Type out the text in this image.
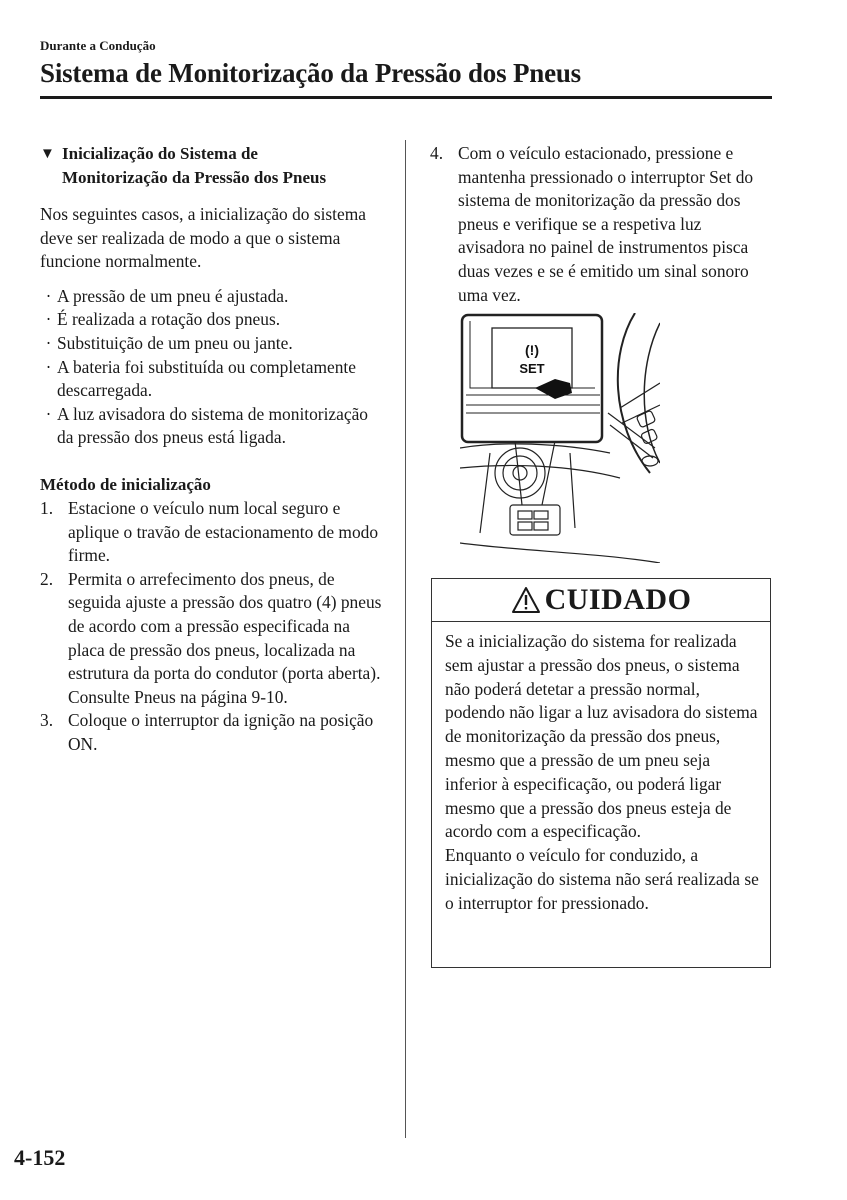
Durante a Condução
Sistema de Monitorização da Pressão dos Pneus
▼ Inicialização do Sistema de
Monitorização da Pressão dos Pneus
Nos seguintes casos, a inicialização do sistema deve ser realizada de modo a que o sistema funcione normalmente.
· A pressão de um pneu é ajustada.
· É realizada a rotação dos pneus.
· Substituição de um pneu ou jante.
· A bateria foi substituída ou completamente descarregada.
· A luz avisadora do sistema de monitorização da pressão dos pneus está ligada.
Método de inicialização
1. Estacione o veículo num local seguro e aplique o travão de estacionamento de modo firme.
2. Permita o arrefecimento dos pneus, de seguida ajuste a pressão dos quatro (4) pneus de acordo com a pressão especificada na placa de pressão dos pneus, localizada na estrutura da porta do condutor (porta aberta).
Consulte Pneus na página 9-10.
3. Coloque o interruptor da ignição na posição ON.
4. Com o veículo estacionado, pressione e mantenha pressionado o interruptor Set do sistema de monitorização da pressão dos pneus e verifique se a respetiva luz avisadora no painel de instrumentos pisca duas vezes e se é emitido um sinal sonoro uma vez.
(!)
SET
CUIDADO
Se a inicialização do sistema for realizada sem ajustar a pressão dos pneus, o sistema não poderá detetar a pressão normal, podendo não ligar a luz avisadora do sistema de monitorização da pressão dos pneus, mesmo que a pressão de um pneu seja inferior à especificação, ou poderá ligar mesmo que a pressão dos pneus esteja de acordo com a especificação.
Enquanto o veículo for conduzido, a inicialização do sistema não será realizada se o interruptor for pressionado.
4-152
